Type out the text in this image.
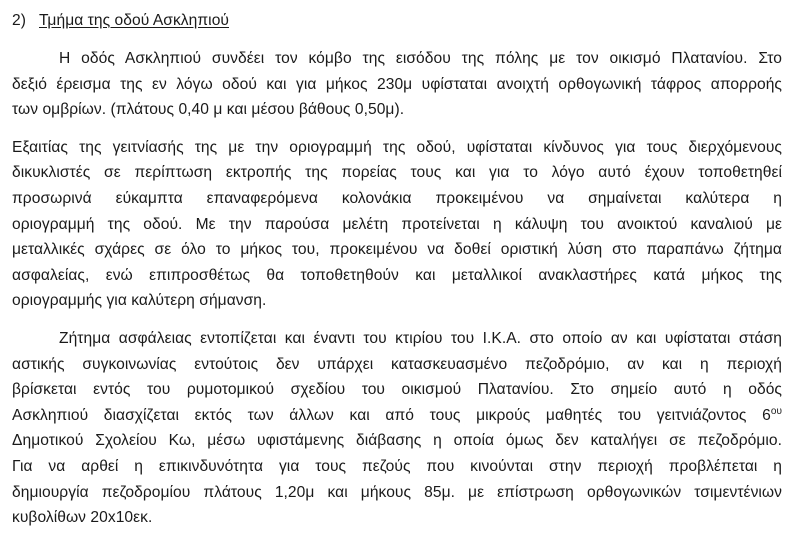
2) Τμήμα της οδού Ασκληπιού
Η οδός Ασκληπιού συνδέει τον κόμβο της εισόδου της πόλης με τον οικισμό Πλατανίου. Στο
δεξιό έρεισμα της εν λόγω οδού και για μήκος 230μ υφίσταται ανοιχτή ορθογωνική τάφρος απορροής
των ομβρίων. (πλάτους 0,40 μ και μέσου βάθους 0,50μ).
Εξαιτίας της γειτνίασής της με την οριογραμμή της οδού, υφίσταται κίνδυνος για τους διερχόμενους
δικυκλιστές σε περίπτωση εκτροπής της πορείας τους και για το λόγο αυτό έχουν τοποθετηθεί
προσωρινά εύκαμπτα επαναφερόμενα κολονάκια προκειμένου να σημαίνεται καλύτερα η
οριογραμμή της οδού. Με την παρούσα μελέτη προτείνεται η κάλυψη του ανοικτού καναλιού με
μεταλλικές σχάρες σε όλο το μήκος του, προκειμένου να δοθεί οριστική λύση στο παραπάνω ζήτημα
ασφαλείας, ενώ επιπροσθέτως θα τοποθετηθούν και μεταλλικοί ανακλαστήρες κατά μήκος της
οριογραμμής για καλύτερη σήμανση.
Ζήτημα ασφάλειας εντοπίζεται και έναντι του κτιρίου του Ι.Κ.Α. στο οποίο αν και υφίσταται στάση
αστικής συγκοινωνίας εντούτοις δεν υπάρχει κατασκευασμένο πεζοδρόμιο, αν και η περιοχή
βρίσκεται εντός του ρυμοτομικού σχεδίου του οικισμού Πλατανίου. Στο σημείο αυτό η οδός
Ασκληπιού διασχίζεται εκτός των άλλων και από τους μικρούς μαθητές του γειτνιάζοντος $6^{o\upsilon}$
Δημοτικού Σχολείου Κω, μέσω υφιστάμενης διάβασης η οποία όμως δεν καταλήγει σε πεζοδρόμιο.
Για να αρθεί η επικινδυνότητα για τους πεζούς που κινούνται στην περιοχή προβλέπεται η
δημιουργία πεζοδρομίου πλάτους 1,20μ και μήκους 85μ. με επίστρωση ορθογωνικών τσιμεντένιων
κυβολίθων 20x10εκ.
